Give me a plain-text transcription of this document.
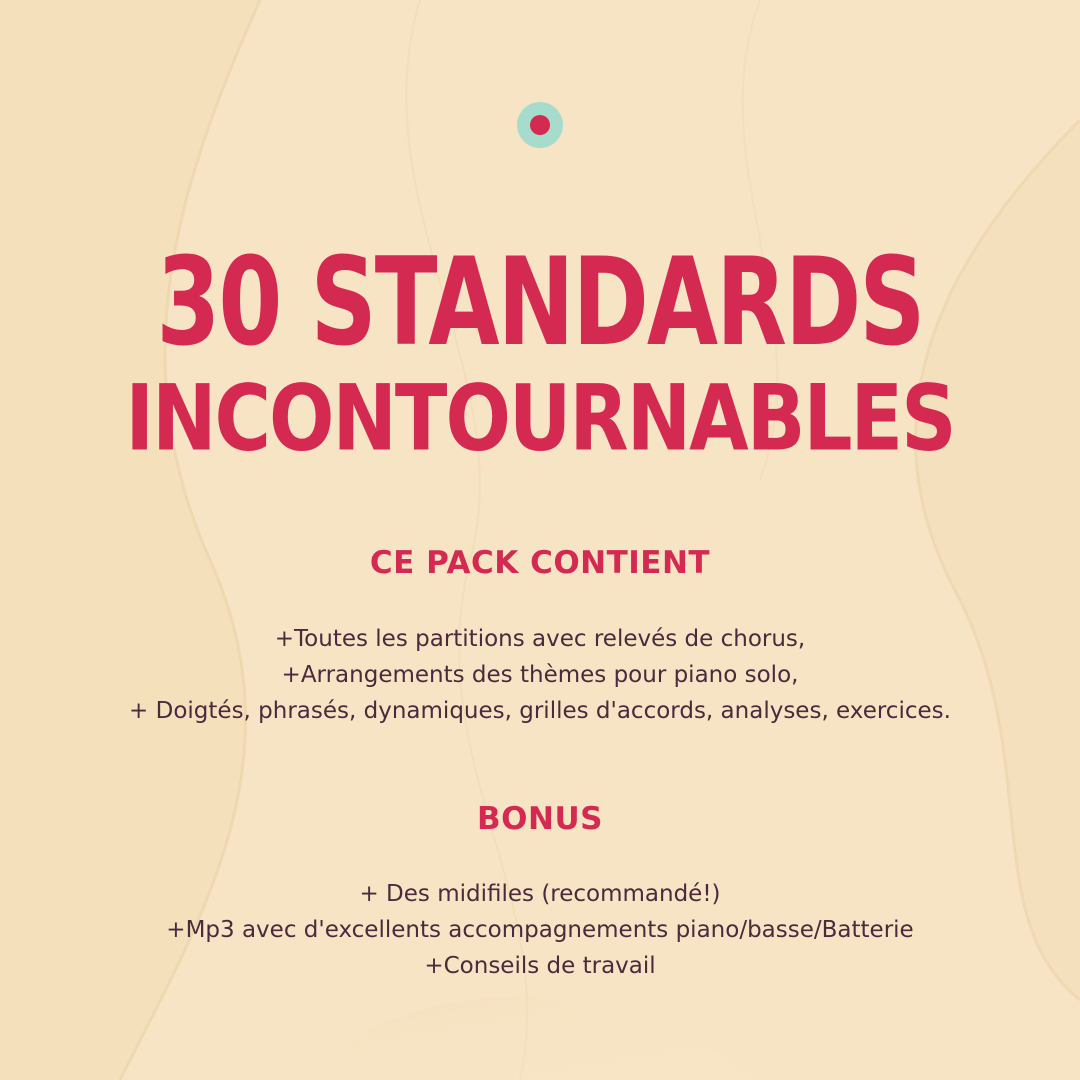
30 STANDARDS
INCONTOURNABLES
CE PACK CONTIENT
+Toutes les partitions avec relevés de chorus,
+Arrangements des thèmes pour piano solo,
+ Doigtés, phrasés, dynamiques, grilles d'accords, analyses, exercices.
BONUS
+ Des midifiles (recommandé!)
+Mp3 avec d'excellents accompagnements piano/basse/Batterie
+Conseils de travail
